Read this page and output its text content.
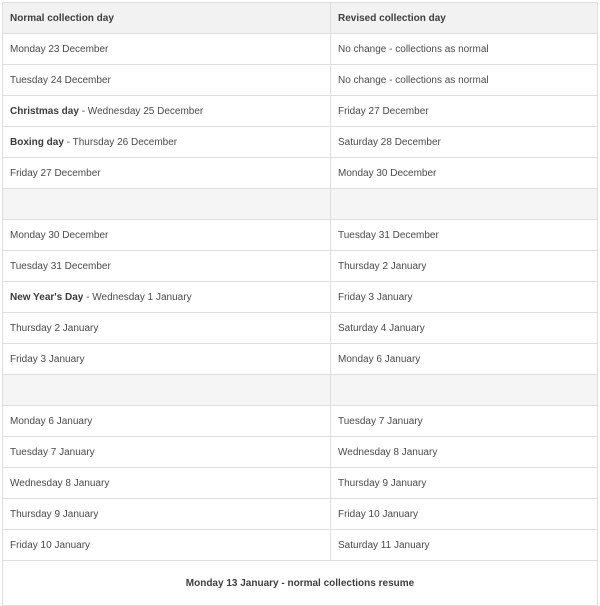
Normal collection day	Revised collection day
Monday 23 December	No change - collections as normal
Tuesday 24 December	No change - collections as normal
Christmas day - Wednesday 25 December	Friday 27 December
Boxing day - Thursday 26 December	Saturday 28 December
Friday 27 December	Monday 30 December

Monday 30 December	Tuesday 31 December
Tuesday 31 December	Thursday 2 January
New Year's Day - Wednesday 1 January	Friday 3 January
Thursday 2 January	Saturday 4 January
Friday 3 January	Monday 6 January

Monday 6 January	Tuesday 7 January
Tuesday 7 January	Wednesday 8 January
Wednesday 8 January	Thursday 9 January
Thursday 9 January	Friday 10 January
Friday 10 January	Saturday 11 January
Monday 13 January - normal collections resume	
